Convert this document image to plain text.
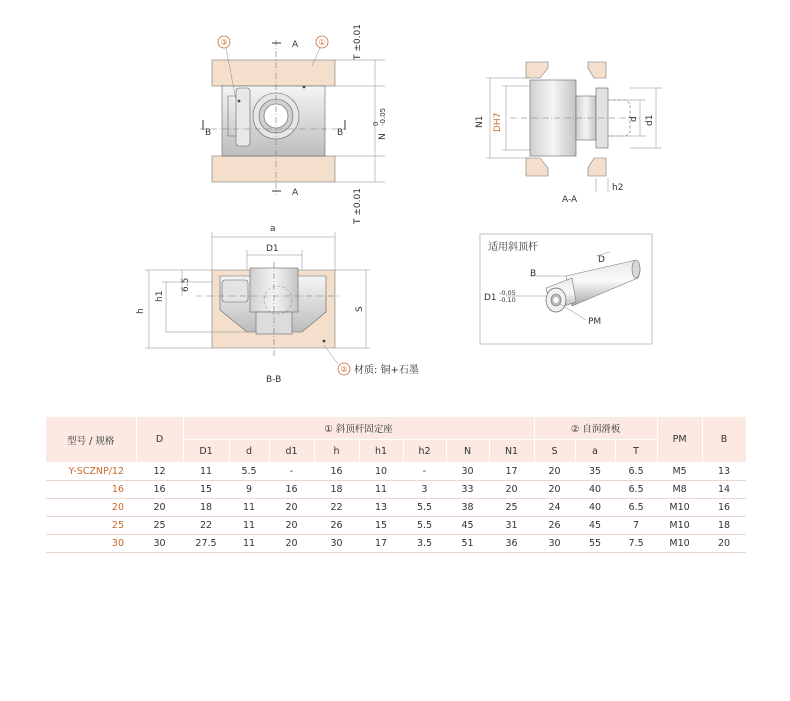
A
A
B	B
③	①	T ±0.01
T ±0.01
N
0 -0.05	N1 DH7	d d1
h2
A-A
a
D1
h
h1
6.5
S
B-B
② 材质: 铜+石墨
适用斜顶杆
D
B
D1 -0.05
-0.10
PM
型号 / 规格	D	① 斜顶杆固定座								② 自润滑板			PM	B
		D1	d	d1	h	h1	h2	N	N1	S	a	T		
Y-SCZNP/12	12	11	5.5	-	16	10	-	30	17	20	35	6.5	M5	13
16	16	15	9	16	18	11	3	33	20	20	40	6.5	M8	14
20	20	18	11	20	22	13	5.5	38	25	24	40	6.5	M10	16
25	25	22	11	20	26	15	5.5	45	31	26	45	7	M10	18
30	30	27.5	11	20	30	17	3.5	51	36	30	55	7.5	M10	20
